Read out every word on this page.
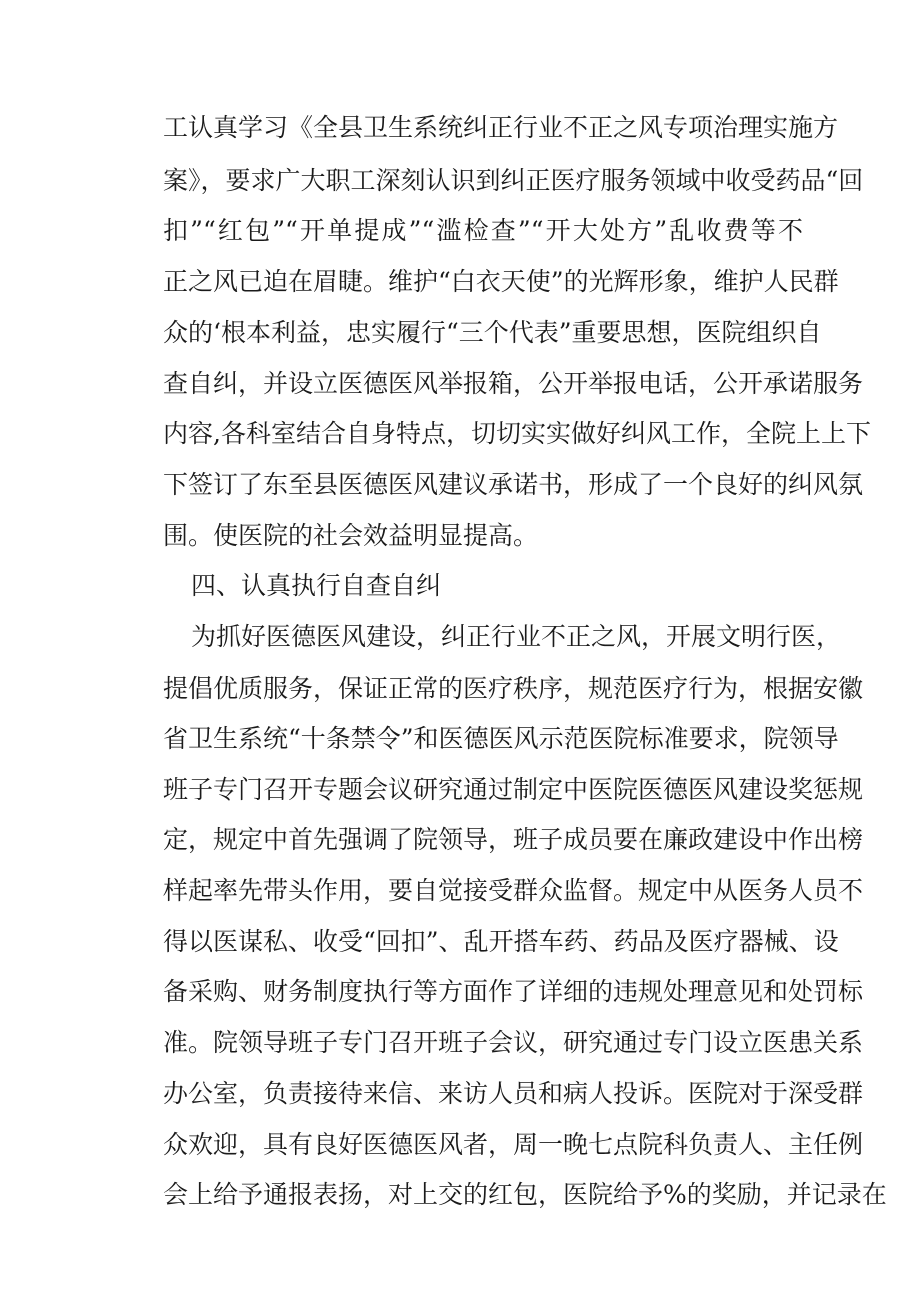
工认真学习《全县卫生系统纠正行业不正之风专项治理实施方

案》，要求广大职工深刻认识到纠正医疗服务领域中收受药品“回

扣”“红包”“开单提成”“滥检查”“开大处方”乱收费等不

正之风已迫在眉睫。维护“白衣天使”的光辉形象，维护人民群

众的‘根本利益，忠实履行“三个代表”重要思想，医院组织自

查自纠，并设立医德医风举报箱，公开举报电话，公开承诺服务

内容,各科室结合自身特点，切切实实做好纠风工作，全院上上下

下签订了东至县医德医风建议承诺书，形成了一个良好的纠风氛

围。使医院的社会效益明显提高。

四、认真执行自查自纠

为抓好医德医风建设，纠正行业不正之风，开展文明行医，

提倡优质服务，保证正常的医疗秩序，规范医疗行为，根据安徽

省卫生系统“十条禁令”和医德医风示范医院标准要求，院领导

班子专门召开专题会议研究通过制定中医院医德医风建设奖惩规

定，规定中首先强调了院领导，班子成员要在廉政建设中作出榜

样起率先带头作用，要自觉接受群众监督。规定中从医务人员不

得以医谋私、收受“回扣”、乱开搭车药、药品及医疗器械、设

备采购、财务制度执行等方面作了详细的违规处理意见和处罚标

准。院领导班子专门召开班子会议，研究通过专门设立医患关系

办公室，负责接待来信、来访人员和病人投诉。医院对于深受群

众欢迎，具有良好医德医风者，周一晚七点院科负责人、主任例

会上给予通报表扬，对上交的红包，医院给予%的奖励，并记录在
